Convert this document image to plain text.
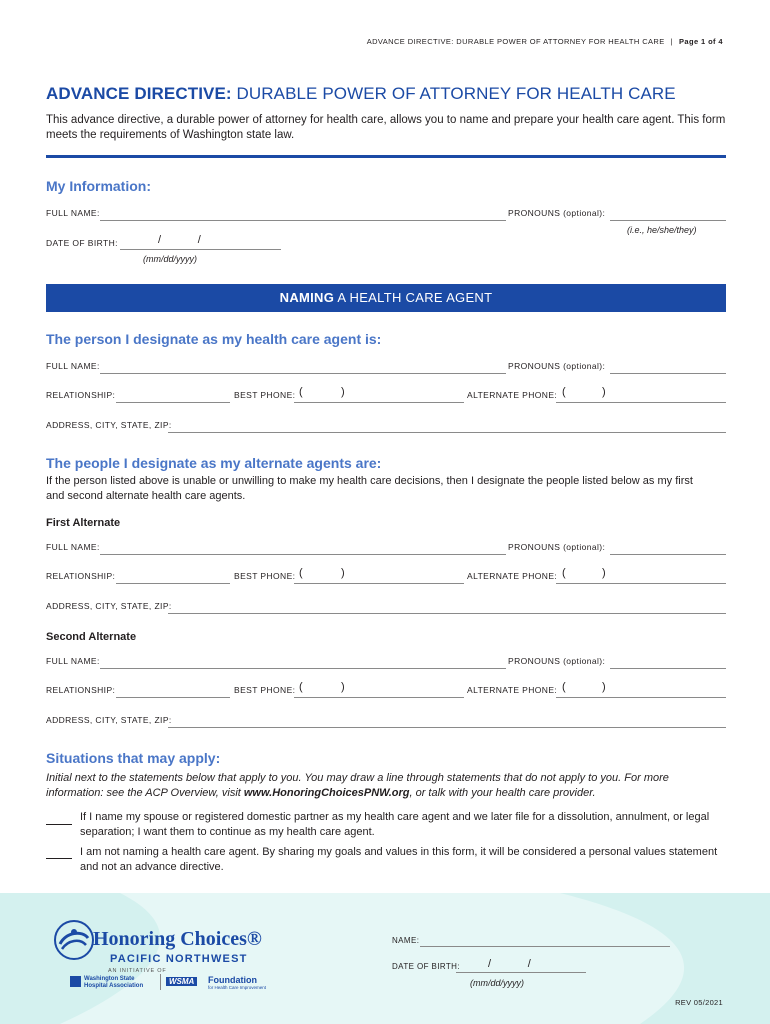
ADVANCE DIRECTIVE: DURABLE POWER OF ATTORNEY FOR HEALTH CARE | Page 1 of 4
ADVANCE DIRECTIVE: DURABLE POWER OF ATTORNEY FOR HEALTH CARE
This advance directive, a durable power of attorney for health care, allows you to name and prepare your health care agent. This form meets the requirements of Washington state law.
My Information:
FULL NAME:	PRONOUNS (optional):
(i.e., he/she/they)
DATE OF BIRTH:	/            /
(mm/dd/yyyy)
NAMING A HEALTH CARE AGENT
The person I designate as my health care agent is:
FULL NAME:	PRONOUNS (optional):
RELATIONSHIP:	BEST PHONE: (	)	ALTERNATE PHONE: (	)
ADDRESS, CITY, STATE, ZIP:
The people I designate as my alternate agents are:
If the person listed above is unable or unwilling to make my health care decisions, then I designate the people listed below as my first and second alternate health care agents.
First Alternate
FULL NAME:	PRONOUNS (optional):
RELATIONSHIP:	BEST PHONE: (	)	ALTERNATE PHONE: (	)
ADDRESS, CITY, STATE, ZIP:
Second Alternate
FULL NAME:	PRONOUNS (optional):
RELATIONSHIP:	BEST PHONE: (	)	ALTERNATE PHONE: (	)
ADDRESS, CITY, STATE, ZIP:
Situations that may apply:
Initial next to the statements below that apply to you. You may draw a line through statements that do not apply to you. For more information: see the ACP Overview, visit www.HonoringChoicesPNW.org, or talk with your health care provider.
If I name my spouse or registered domestic partner as my health care agent and we later file for a dissolution, annulment, or legal separation; I want them to continue as my health care agent.
I am not naming a health care agent. By sharing my goals and values in this form, it will be considered a personal values statement and not an advance directive.
Honoring Choices®
PACIFIC NORTHWEST
AN INITIATIVE OF
Washington State
Hospital Association	WSMA	Foundation
for Health Care Improvement
NAME:
DATE OF BIRTH:	/            /
(mm/dd/yyyy)
REV 05/2021
